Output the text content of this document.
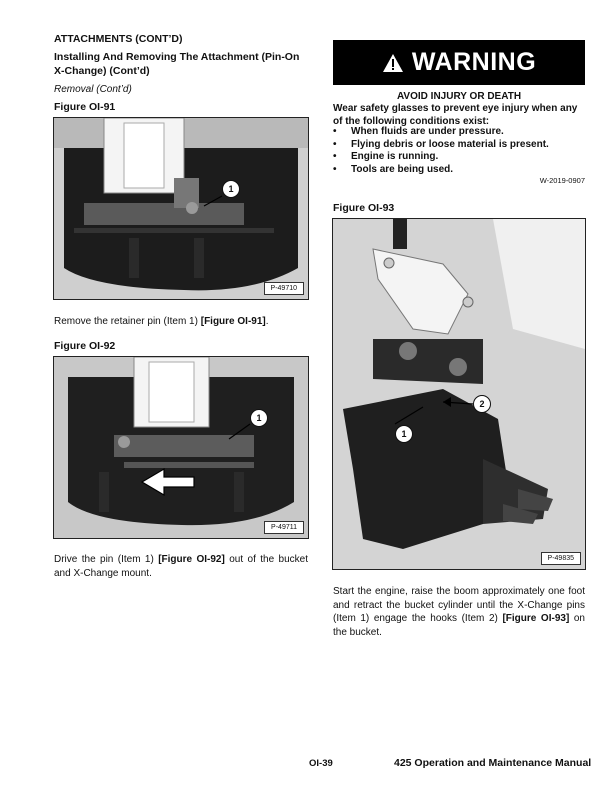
ATTACHMENTS (CONT’D)
Installing And Removing The Attachment (Pin-On X-Change) (Cont’d)
Removal (Cont’d)
Figure OI-91
1
P-49710
Remove the retainer pin (Item 1) [Figure OI-91].
Figure OI-92
1
P-49711
Drive the pin (Item 1) [Figure OI-92] out of the bucket and X-Change mount.
WARNING
AVOID INJURY OR DEATH
Wear safety glasses to prevent eye injury when any of the following conditions exist:
•	When fluids are under pressure.
•	Flying debris or loose material is present.
•	Engine is running.
•	Tools are being used.
W-2019-0907
Figure OI-93
1
2
P-49835
Start the engine, raise the boom approximately one foot and retract the bucket cylinder until the X-Change pins (Item 1) engage the hooks (Item 2) [Figure OI-93] on the bucket.
OI-39	425 Operation and Maintenance Manual
